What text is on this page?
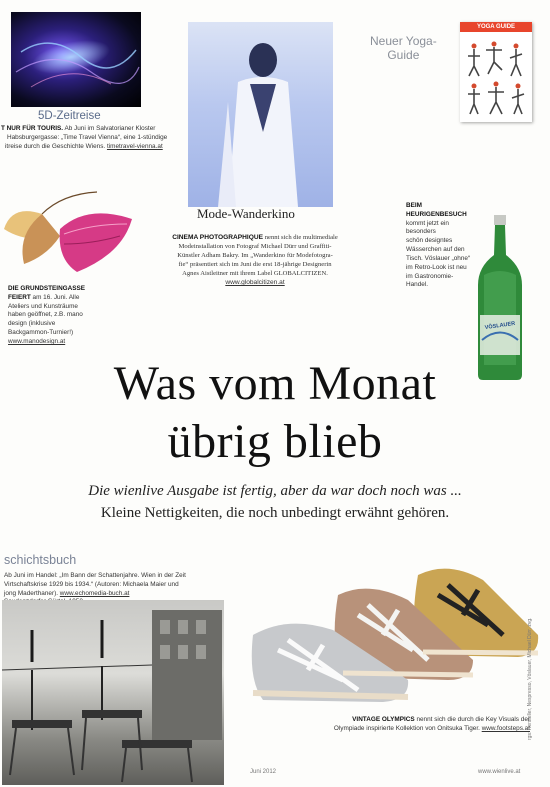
5D-Zeitreise
T NUR FÜR TOURIS. Ab Juni im Salvatorianer Kloster
Habsburgergasse: „Time Travel Vienna“, eine 1-stündige
itreise durch die Geschichte Wiens. timetravel-vienna.at
Mode-Wanderkino
CINEMA PHOTOGRAPHIQUE nennt sich die multimediale
Modeinstallation von Fotograf Michael Dürr und Graffiti-
Künstler Adham Bakry. Im „Wanderkino für Modefotogra-
fie“ präsentiert sich im Juni die erst 18-jährige Designerin
Agnes Aistleitner mit ihrem Label GLOBALCITIZEN.
www.globalcitizen.at
Neuer Yoga-
Guide
YOGA GUIDE
BEIM HEURIGENBESUCH
kommt jetzt ein besonders
schön designtes
Wässerchen auf den
Tisch. Vöslauer „ohne“
im Retro-Look ist neu
im Gastronomie-
Handel.
VÖSLAUER
DIE GRUNDSTEINGASSE
FEIERT am 16. Juni. Alle
Ateliers und Kunsträume
haben geöffnet, z.B. mano
design (inklusive
Backgammon-Turnier!)
www.manodesign.at
Was vom Monat
übrig blieb
Die wienlive Ausgabe ist fertig, aber da war doch noch was ...
Kleine Nettigkeiten, die noch unbedingt erwähnt gehören.
schichtsbuch
Ab Juni im Handel: „Im Bann der Schattenjahre. Wien in der Zeit
Virtschaftskrise 1929 bis 1934.“ (Autoren: Michaela Maier und
jong Maderthaner). www.echomedia-buch.at

VINTAGE OLYMPICS nennt sich die durch die Key Visuals der
Olympiade inspirierte Kollektion von Onitsuka Tiger. www.footsteps.at
rgs: Hersteller, Nespresso, Vöslauer, Michael Dürr, zvg.
Juni 2012	www.wienlive.at
